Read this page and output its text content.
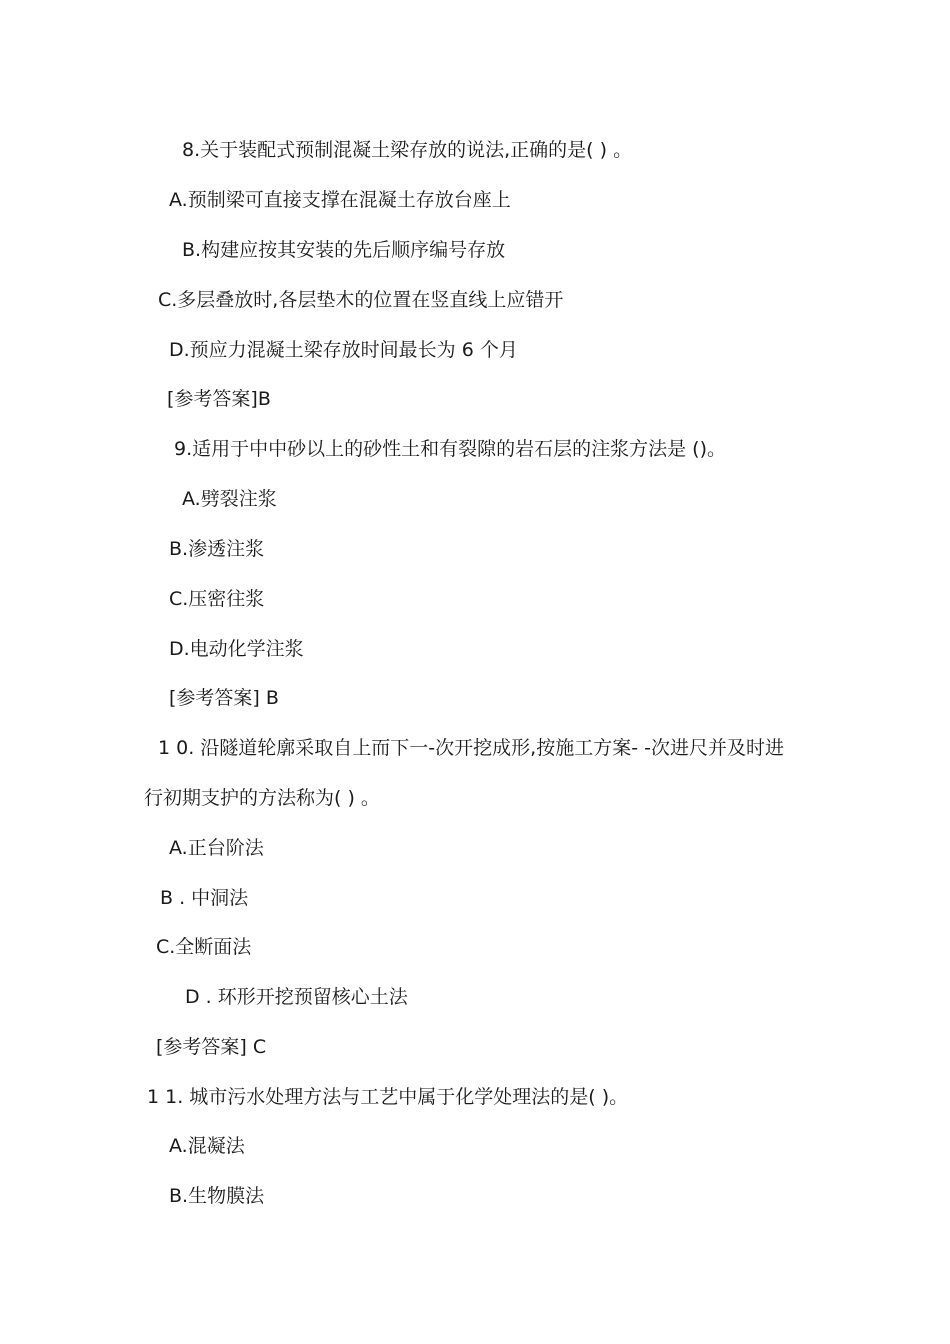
8.关于装配式预制混凝土梁存放的说法,正确的是( ) 。
A.预制梁可直接支撑在混凝土存放台座上
B.构建应按其安装的先后顺序编号存放
C.多层叠放时,各层垫木的位置在竖直线上应错开
D.预应力混凝土梁存放时间最长为 6 个月
[参考答案]B
9.适用于中中砂以上的砂性土和有裂隙的岩石层的注浆方法是 ()。
A.劈裂注浆
B.渗透注浆
C.压密往浆
D.电动化学注浆
[参考答案] B
1 0. 沿隧道轮廓采取自上而下一-次开挖成形,按施工方案- -次进尺并及时进
行初期支护的方法称为( ) 。
A.正台阶法
B . 中洞法
C.全断面法
D . 环形开挖预留核心土法
[参考答案] C
1 1. 城市污水处理方法与工艺中属于化学处理法的是( )。
A.混凝法
B.生物膜法
